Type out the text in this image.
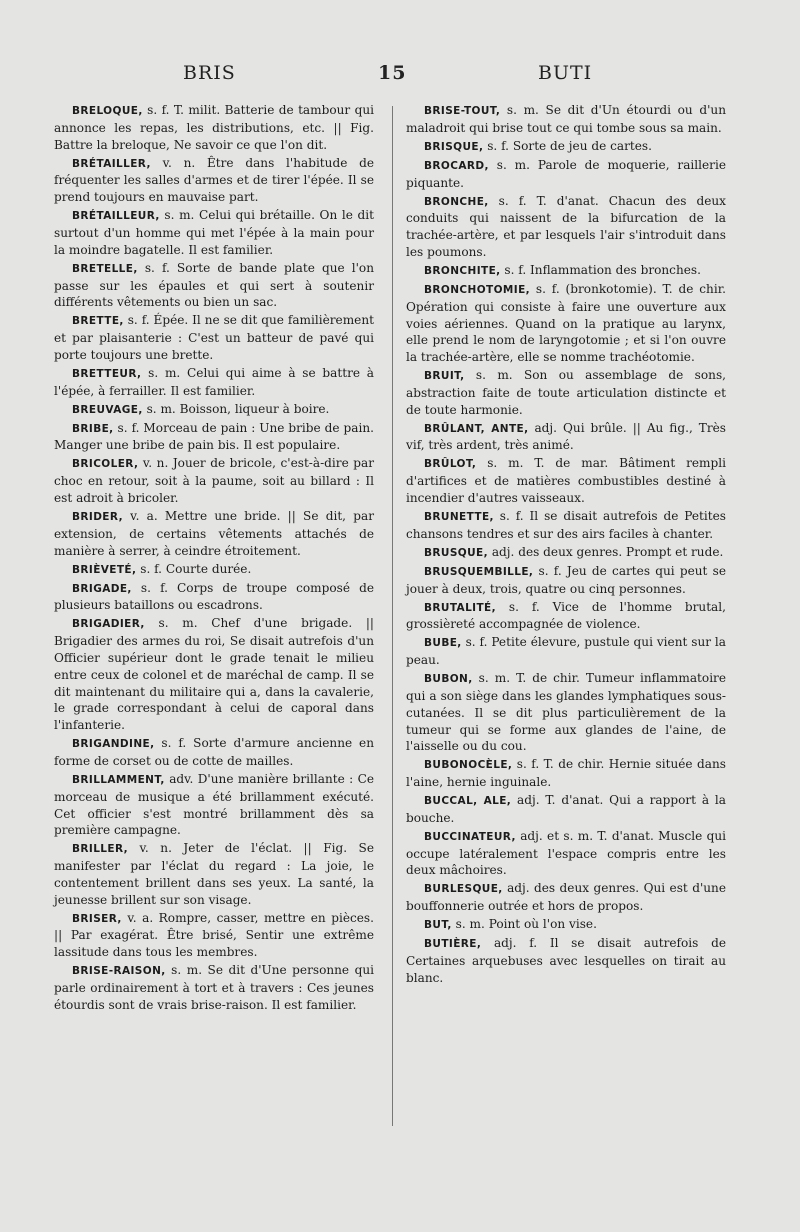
BRIS	15	BUTI

BRELOQUE, s. f. T. milit. Batterie de tambour qui annonce les repas, les distributions, etc. || Fig. Battre la breloque, Ne savoir ce que l'on dit.

BRÉTAILLER, v. n. Être dans l'habitude de fréquenter les salles d'armes et de tirer l'épée. Il se prend toujours en mauvaise part.

BRÉTAILLEUR, s. m. Celui qui brétaille. On le dit surtout d'un homme qui met l'épée à la main pour la moindre bagatelle. Il est familier.

BRETELLE, s. f. Sorte de bande plate que l'on passe sur les épaules et qui sert à soutenir différents vêtements ou bien un sac.

BRETTE, s. f. Épée. Il ne se dit que familièrement et par plaisanterie : C'est un batteur de pavé qui porte toujours une brette.

BRETTEUR, s. m. Celui qui aime à se battre à l'épée, à ferrailler. Il est familier.

BREUVAGE, s. m. Boisson, liqueur à boire.

BRIBE, s. f. Morceau de pain : Une bribe de pain. Manger une bribe de pain bis. Il est populaire.

BRICOLER, v. n. Jouer de bricole, c'est-à-dire par choc en retour, soit à la paume, soit au billard : Il est adroit à bricoler.

BRIDER, v. a. Mettre une bride. || Se dit, par extension, de certains vêtements attachés de manière à serrer, à ceindre étroitement.

BRIÈVETÉ, s. f. Courte durée.

BRIGADE, s. f. Corps de troupe composé de plusieurs bataillons ou escadrons.

BRIGADIER, s. m. Chef d'une brigade. || Brigadier des armes du roi, Se disait autrefois d'un Officier supérieur dont le grade tenait le milieu entre ceux de colonel et de maréchal de camp. Il se dit maintenant du militaire qui a, dans la cavalerie, le grade correspondant à celui de caporal dans l'infanterie.

BRIGANDINE, s. f. Sorte d'armure ancienne en forme de corset ou de cotte de mailles.

BRILLAMMENT, adv. D'une manière brillante : Ce morceau de musique a été brillamment exécuté. Cet officier s'est montré brillamment dès sa première campagne.

BRILLER, v. n. Jeter de l'éclat. || Fig. Se manifester par l'éclat du regard : La joie, le contentement brillent dans ses yeux. La santé, la jeunesse brillent sur son visage.

BRISER, v. a. Rompre, casser, mettre en pièces. || Par exagérat. Être brisé, Sentir une extrême lassitude dans tous les membres.

BRISE-RAISON, s. m. Se dit d'Une personne qui parle ordinairement à tort et à travers : Ces jeunes étourdis sont de vrais brise-raison. Il est familier.

BRISE-TOUT, s. m. Se dit d'Un étourdi ou d'un maladroit qui brise tout ce qui tombe sous sa main.

BRISQUE, s. f. Sorte de jeu de cartes.

BROCARD, s. m. Parole de moquerie, raillerie piquante.

BRONCHE, s. f. T. d'anat. Chacun des deux conduits qui naissent de la bifurcation de la trachée-artère, et par lesquels l'air s'introduit dans les poumons.

BRONCHITE, s. f. Inflammation des bronches.

BRONCHOTOMIE, s. f. (bronkotomie). T. de chir. Opération qui consiste à faire une ouverture aux voies aériennes. Quand on la pratique au larynx, elle prend le nom de laryngotomie ; et si l'on ouvre la trachée-artère, elle se nomme trachéotomie.

BRUIT, s. m. Son ou assemblage de sons, abstraction faite de toute articulation distincte et de toute harmonie.

BRÛLANT, ANTE, adj. Qui brûle. || Au fig., Très vif, très ardent, très animé.

BRÛLOT, s. m. T. de mar. Bâtiment rempli d'artifices et de matières combustibles destiné à incendier d'autres vaisseaux.

BRUNETTE, s. f. Il se disait autrefois de Petites chansons tendres et sur des airs faciles à chanter.

BRUSQUE, adj. des deux genres. Prompt et rude.

BRUSQUEMBILLE, s. f. Jeu de cartes qui peut se jouer à deux, trois, quatre ou cinq personnes.

BRUTALITÉ, s. f. Vice de l'homme brutal, grossièreté accompagnée de violence.

BUBE, s. f. Petite élevure, pustule qui vient sur la peau.

BUBON, s. m. T. de chir. Tumeur inflammatoire qui a son siège dans les glandes lymphatiques sous-cutanées. Il se dit plus particulièrement de la tumeur qui se forme aux glandes de l'aine, de l'aisselle ou du cou.

BUBONOCÈLE, s. f. T. de chir. Hernie située dans l'aine, hernie inguinale.

BUCCAL, ALE, adj. T. d'anat. Qui a rapport à la bouche.

BUCCINATEUR, adj. et s. m. T. d'anat. Muscle qui occupe latéralement l'espace compris entre les deux mâchoires.

BURLESQUE, adj. des deux genres. Qui est d'une bouffonnerie outrée et hors de propos.

BUT, s. m. Point où l'on vise.

BUTIÈRE, adj. f. Il se disait autrefois de Certaines arquebuses avec lesquelles on tirait au blanc.
